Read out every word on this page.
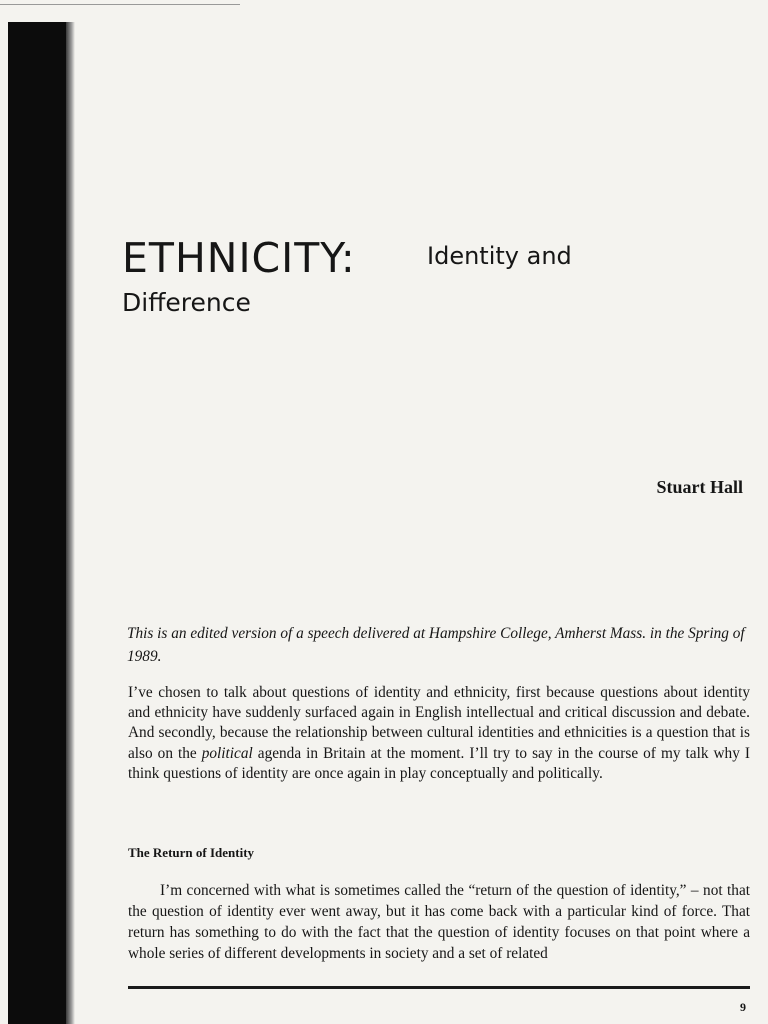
ETHNICITY:	Identity and
Difference
Stuart Hall

This is an edited version of a speech delivered at Hampshire College, Amherst Mass. in the Spring of 1989.

I’ve chosen to talk about questions of identity and ethnicity, first because questions about identity and ethnicity have suddenly surfaced again in English intellectual and critical discussion and debate. And secondly, because the relationship between cultural identities and ethnicities is a question that is also on the political agenda in Britain at the moment. I’ll try to say in the course of my talk why I think questions of identity are once again in play conceptually and politically.

The Return of Identity

I’m concerned with what is sometimes called the “return of the question of identity,” – not that the question of identity ever went away, but it has come back with a particular kind of force. That return has something to do with the fact that the question of identity focuses on that point where a whole series of different developments in society and a set of related

9
